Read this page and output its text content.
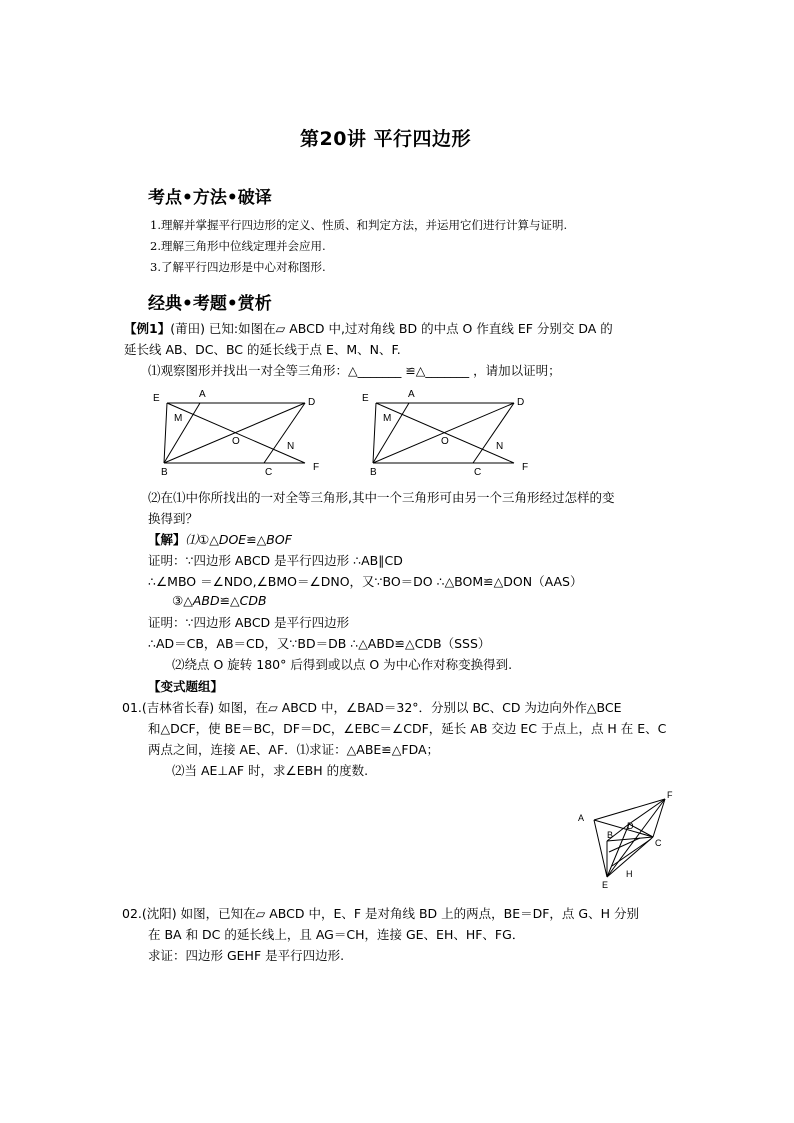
第20讲 平行四边形
考点•方法•破译
1.理解并掌握平行四边形的定义、性质、和判定方法，并运用它们进行计算与证明.
2.理解三角形中位线定理并会应用.
3.了解平行四边形是中心对称图形.
经典•考题•赏析
【例1】(莆田) 已知:如图在▱ ABCD 中,过对角线 BD 的中点 O 作直线 EF 分别交 DA 的
延长线 AB、DC、BC 的延长线于点 E、M、N、F.
⑴观察图形并找出一对全等三角形：△_______ ≌△_______ ，请加以证明；
E	A
D
M
O	N
B	C	F
E	A
D
M
O	N
B	C	F
⑵在⑴中你所找出的一对全等三角形,其中一个三角形可由另一个三角形经过怎样的变
换得到？
【解】⑴①△DOE≌△BOF
证明：∵四边形 ABCD 是平行四边形 ∴AB∥CD
∴∠MBO ＝∠NDO,∠BMO＝∠DNO，又∵BO＝DO ∴△BOM≌△DON（AAS）
③△ABD≌△CDB
证明：∵四边形 ABCD 是平行四边形
∴AD＝CB，AB＝CD，又∵BD＝DB ∴△ABD≌△CDB（SSS）
⑵绕点 O 旋转 180° 后得到或以点 O 为中心作对称变换得到.
【变式题组】
01.(吉林省长春) 如图，在▱ ABCD 中，∠BAD＝32°．分别以 BC、CD 为边向外作△BCE
和△DCF，使 BE＝BC，DF＝DC，∠EBC＝∠CDF，延长 AB 交边 EC 于点上，点 H 在 E、C
两点之间，连接 AE、AF．⑴求证：△ABE≌△FDA；
⑵当 AE⊥AF 时，求∠EBH 的度数.
A
B
D
C
F
E
H
02.(沈阳) 如图，已知在▱ ABCD 中，E、F 是对角线 BD 上的两点，BE＝DF，点 G、H 分别
在 BA 和 DC 的延长线上，且 AG＝CH，连接 GE、EH、HF、FG．
求证：四边形 GEHF 是平行四边形.
